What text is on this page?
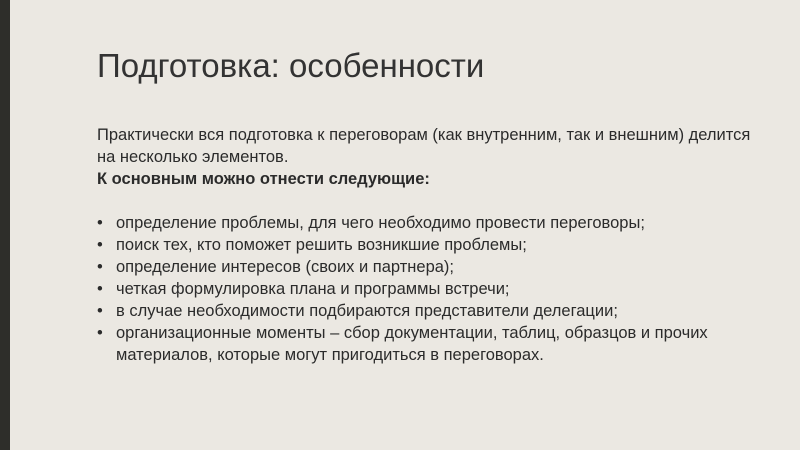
Подготовка: особенности

Практически вся подготовка к переговорам (как внутренним, так и внешним) делится на несколько элементов.

К основным можно отнести следующие:

• определение проблемы, для чего необходимо провести переговоры;
• поиск тех, кто поможет решить возникшие проблемы;
• определение интересов (своих и партнера);
• четкая формулировка плана и программы встречи;
• в случае необходимости подбираются представители делегации;
• организационные моменты – сбор документации, таблиц, образцов и прочих материалов, которые могут пригодиться в переговорах.
